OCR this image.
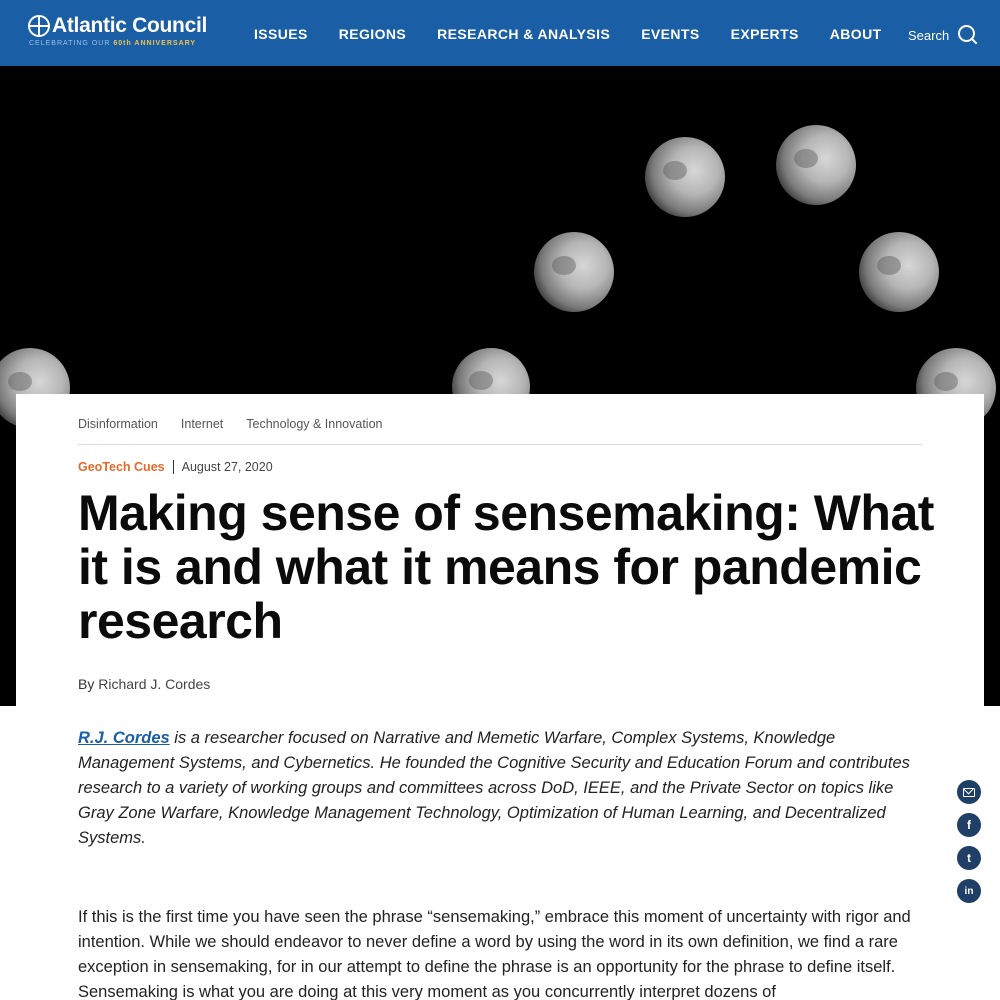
Atlantic Council
CELEBRATING OUR 60th ANNIVERSARY
ISSUES REGIONS RESEARCH & ANALYSIS EVENTS EXPERTS ABOUT Search
Disinformation Internet Technology & Innovation
GeoTech Cues	August 27, 2020
Making sense of sensemaking: What it is and what it means for pandemic research
By Richard J. Cordes

R.J. Cordes is a researcher focused on Narrative and Memetic Warfare, Complex Systems, Knowledge Management Systems, and Cybernetics. He founded the Cognitive Security and Education Forum and contributes research to a variety of working groups and committees across DoD, IEEE, and the Private Sector on topics like Gray Zone Warfare, Knowledge Management Technology, Optimization of Human Learning, and Decentralized Systems.

If this is the first time you have seen the phrase “sensemaking,” embrace this moment of uncertainty with rigor and intention. While we should endeavor to never define a word by using the word in its own definition, we find a rare exception in sensemaking, for in our attempt to define the phrase is an opportunity for the phrase to define itself. Sensemaking is what you are doing at this very moment as you concurrently interpret dozens of

f
t
in
